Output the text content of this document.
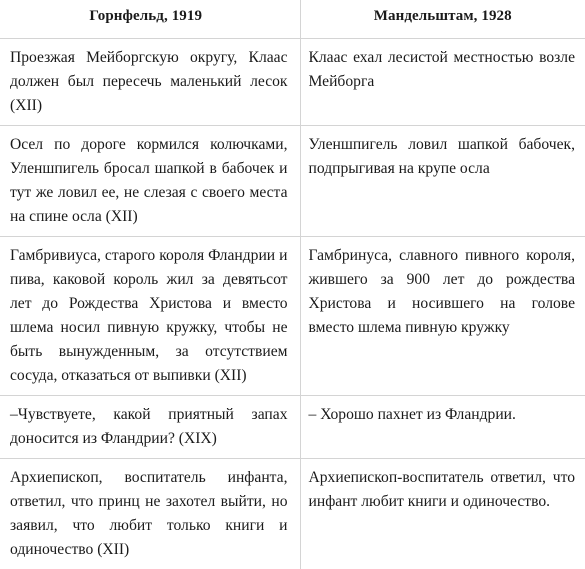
Горнфельд, 1919	Мандельштам, 1928
Проезжая Мейборгскую округу, Клаас должен был пересечь маленький лесок (XII)	Клаас ехал лесистой местностью возле Мейборга
Осел по дороге кормился колючками, Уленшпигель бросал шапкой в бабочек и тут же ловил ее, не слезая с своего места на спине осла (XII)	Уленшпигель ловил шапкой бабочек, подпрыгивая на крупе осла
Гамбривиуса, старого короля Фландрии и пива, каковой король жил за девятьсот лет до Рождества Христова и вместо шлема носил пивную кружку, чтобы не быть вынужденным, за отсутствием сосуда, отказаться от выпивки (XII)	Гамбринуса, славного пивного короля, жившего за 900 лет до рождества Христова и носившего на голове вместо шлема пивную кружку
–Чувствуете, какой приятный запах доносится из Фландрии? (XIX)	– Хорошо пахнет из Фландрии.
Архиепископ, воспитатель инфанта, ответил, что принц не захотел выйти, но заявил, что любит только книги и одиночество (XII)	Архиепископ-воспитатель ответил, что инфант любит книги и одиночество.
